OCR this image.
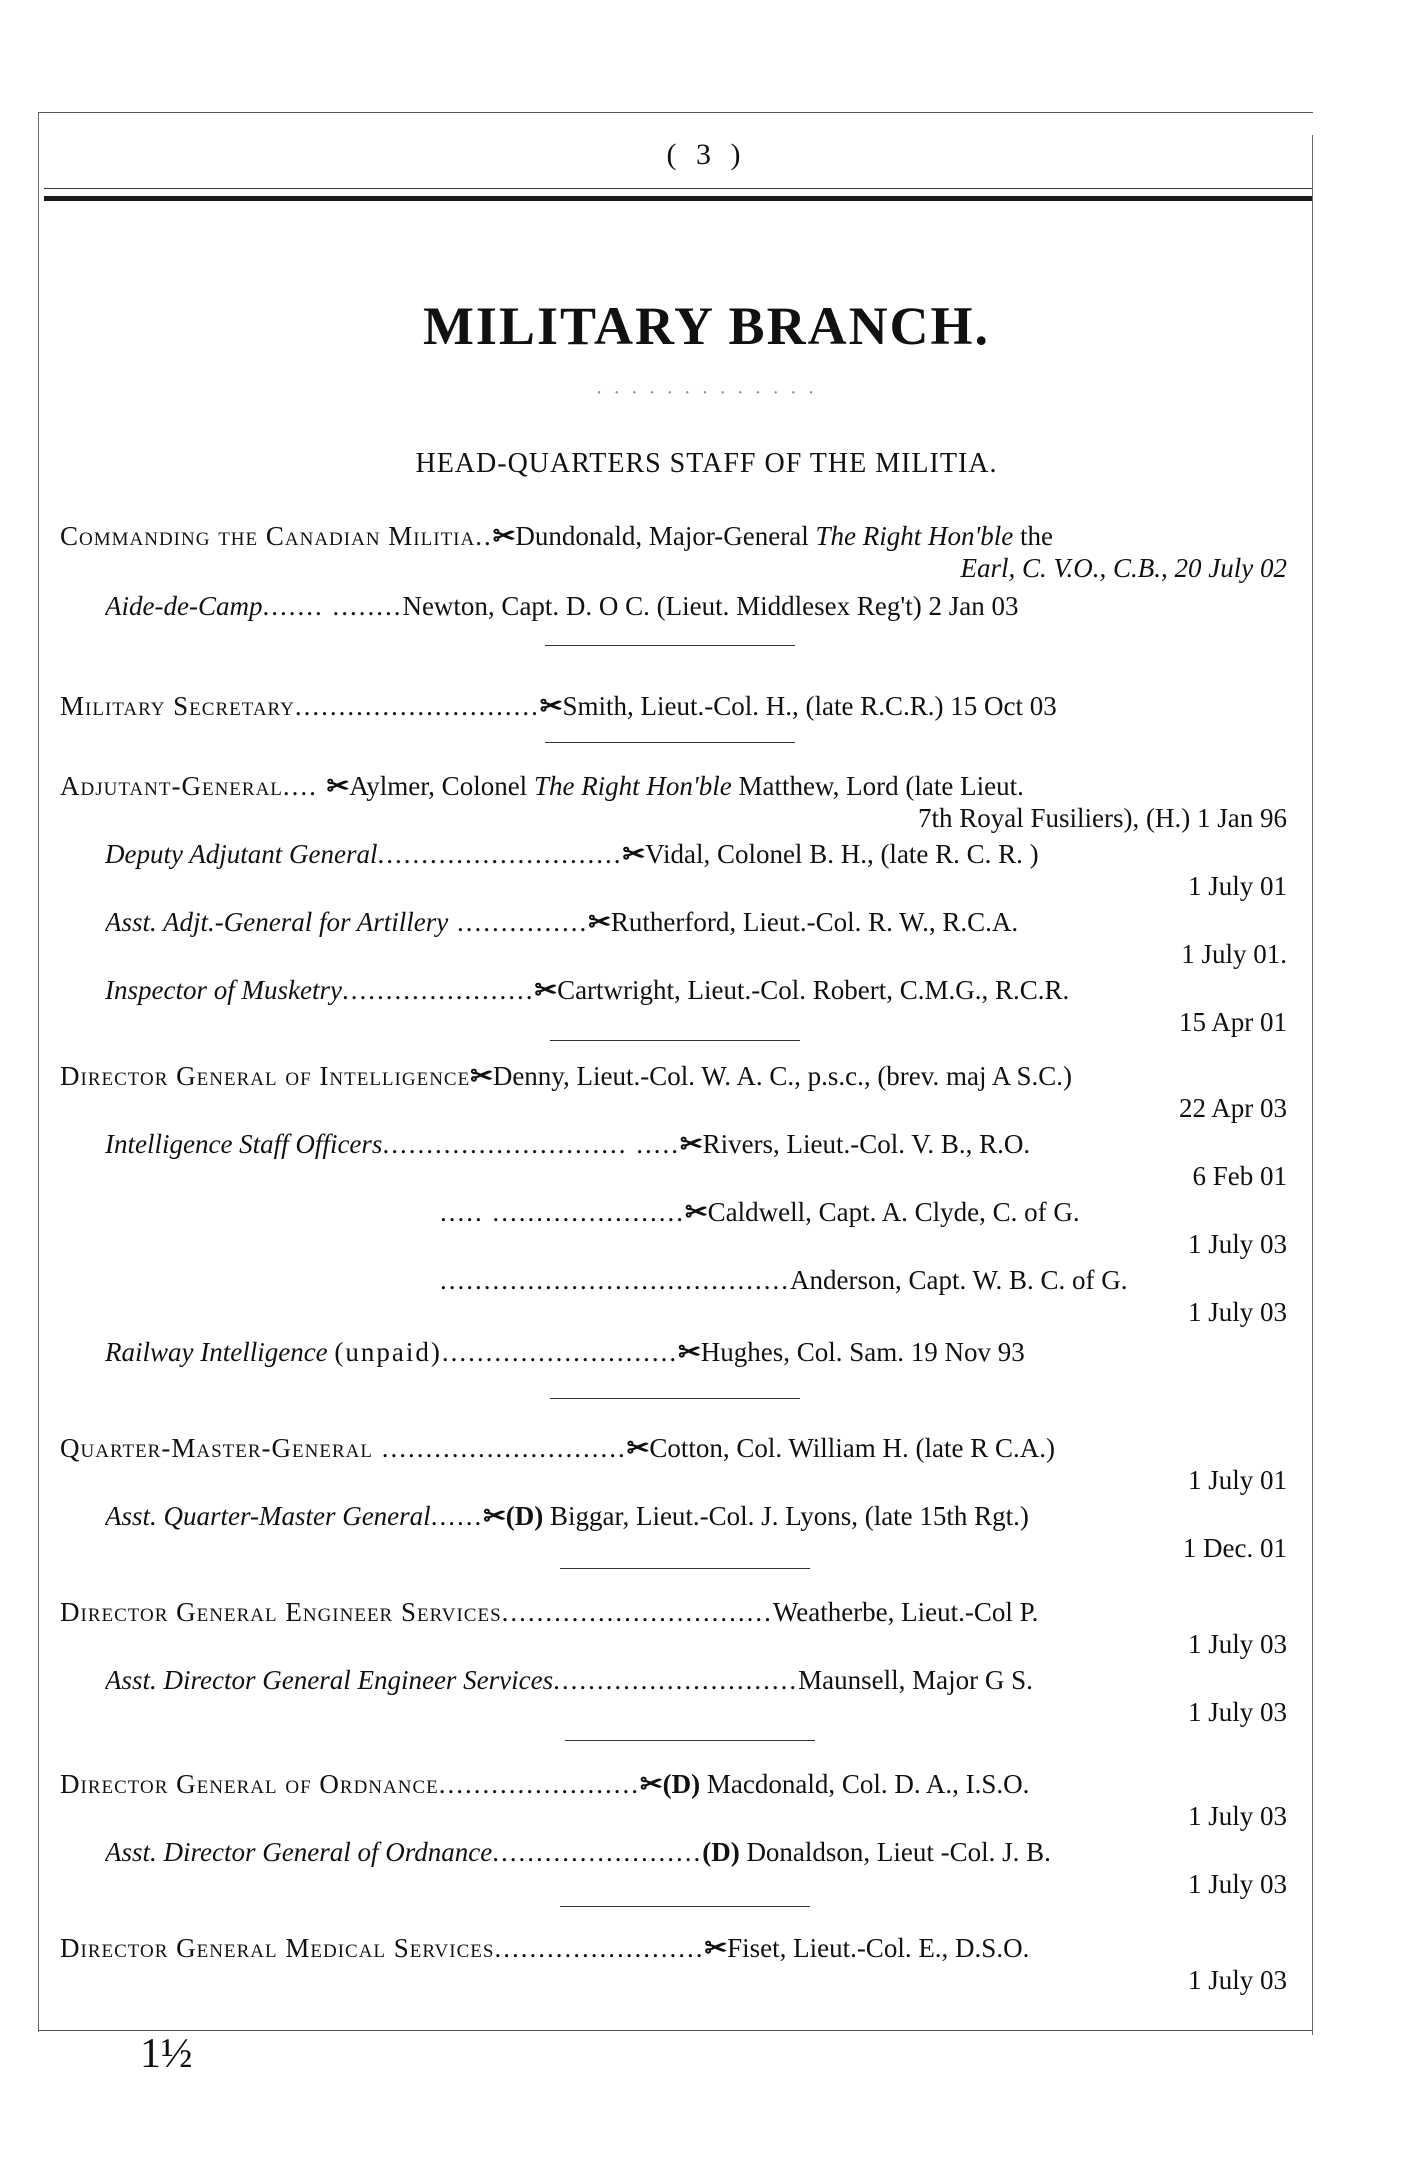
( 3 )
MILITARY BRANCH.
· · · · · · · · · · · · ·
HEAD-QUARTERS STAFF OF THE MILITIA.
Commanding the Canadian Militia..✂Dundonald, Major-General The Right Hon'ble the
Earl, C. V.O., C.B., 20 July 02
Aide-de-Camp....... ........Newton, Capt. D. O C. (Lieut. Middlesex Reg't) 2 Jan 03
Military Secretary............................✂Smith, Lieut.-Col. H., (late R.C.R.) 15 Oct 03
Adjutant-General.... ✂Aylmer, Colonel The Right Hon'ble Matthew, Lord (late Lieut.
7th Royal Fusiliers), (H.) 1 Jan 96
Deputy Adjutant General............................✂Vidal, Colonel B. H., (late R. C. R. )
1 July 01
Asst. Adjt.-General for Artillery ...............✂Rutherford, Lieut.-Col. R. W., R.C.A.
1 July 01.
Inspector of Musketry......................✂Cartwright, Lieut.-Col. Robert, C.M.G., R.C.R.
15 Apr 01
Director General of Intelligence✂Denny, Lieut.-Col. W. A. C., p.s.c., (brev. maj A S.C.)
22 Apr 03
Intelligence Staff Officers............................ .....✂Rivers, Lieut.-Col. V. B., R.O.
6 Feb 01
..... ......................✂Caldwell, Capt. A. Clyde, C. of G.
1 July 03
........................................Anderson, Capt. W. B. C. of G.
1 July 03
Railway Intelligence (unpaid)...........................✂Hughes, Col. Sam. 19 Nov 93
Quarter-Master-General ............................✂Cotton, Col. William H. (late R C.A.)
1 July 01
Asst. Quarter-Master General......✂(D) Biggar, Lieut.-Col. J. Lyons, (late 15th Rgt.)
1 Dec. 01
Director General Engineer Services...............................Weatherbe, Lieut.-Col P.
1 July 03
Asst. Director General Engineer Services............................Maunsell, Major G S.
1 July 03
Director General of Ordnance.......................✂(D) Macdonald, Col. D. A., I.S.O.
1 July 03
Asst. Director General of Ordnance........................(D) Donaldson, Lieut -Col. J. B.
1 July 03
Director General Medical Services........................✂Fiset, Lieut.-Col. E., D.S.O.
1 July 03
1½
